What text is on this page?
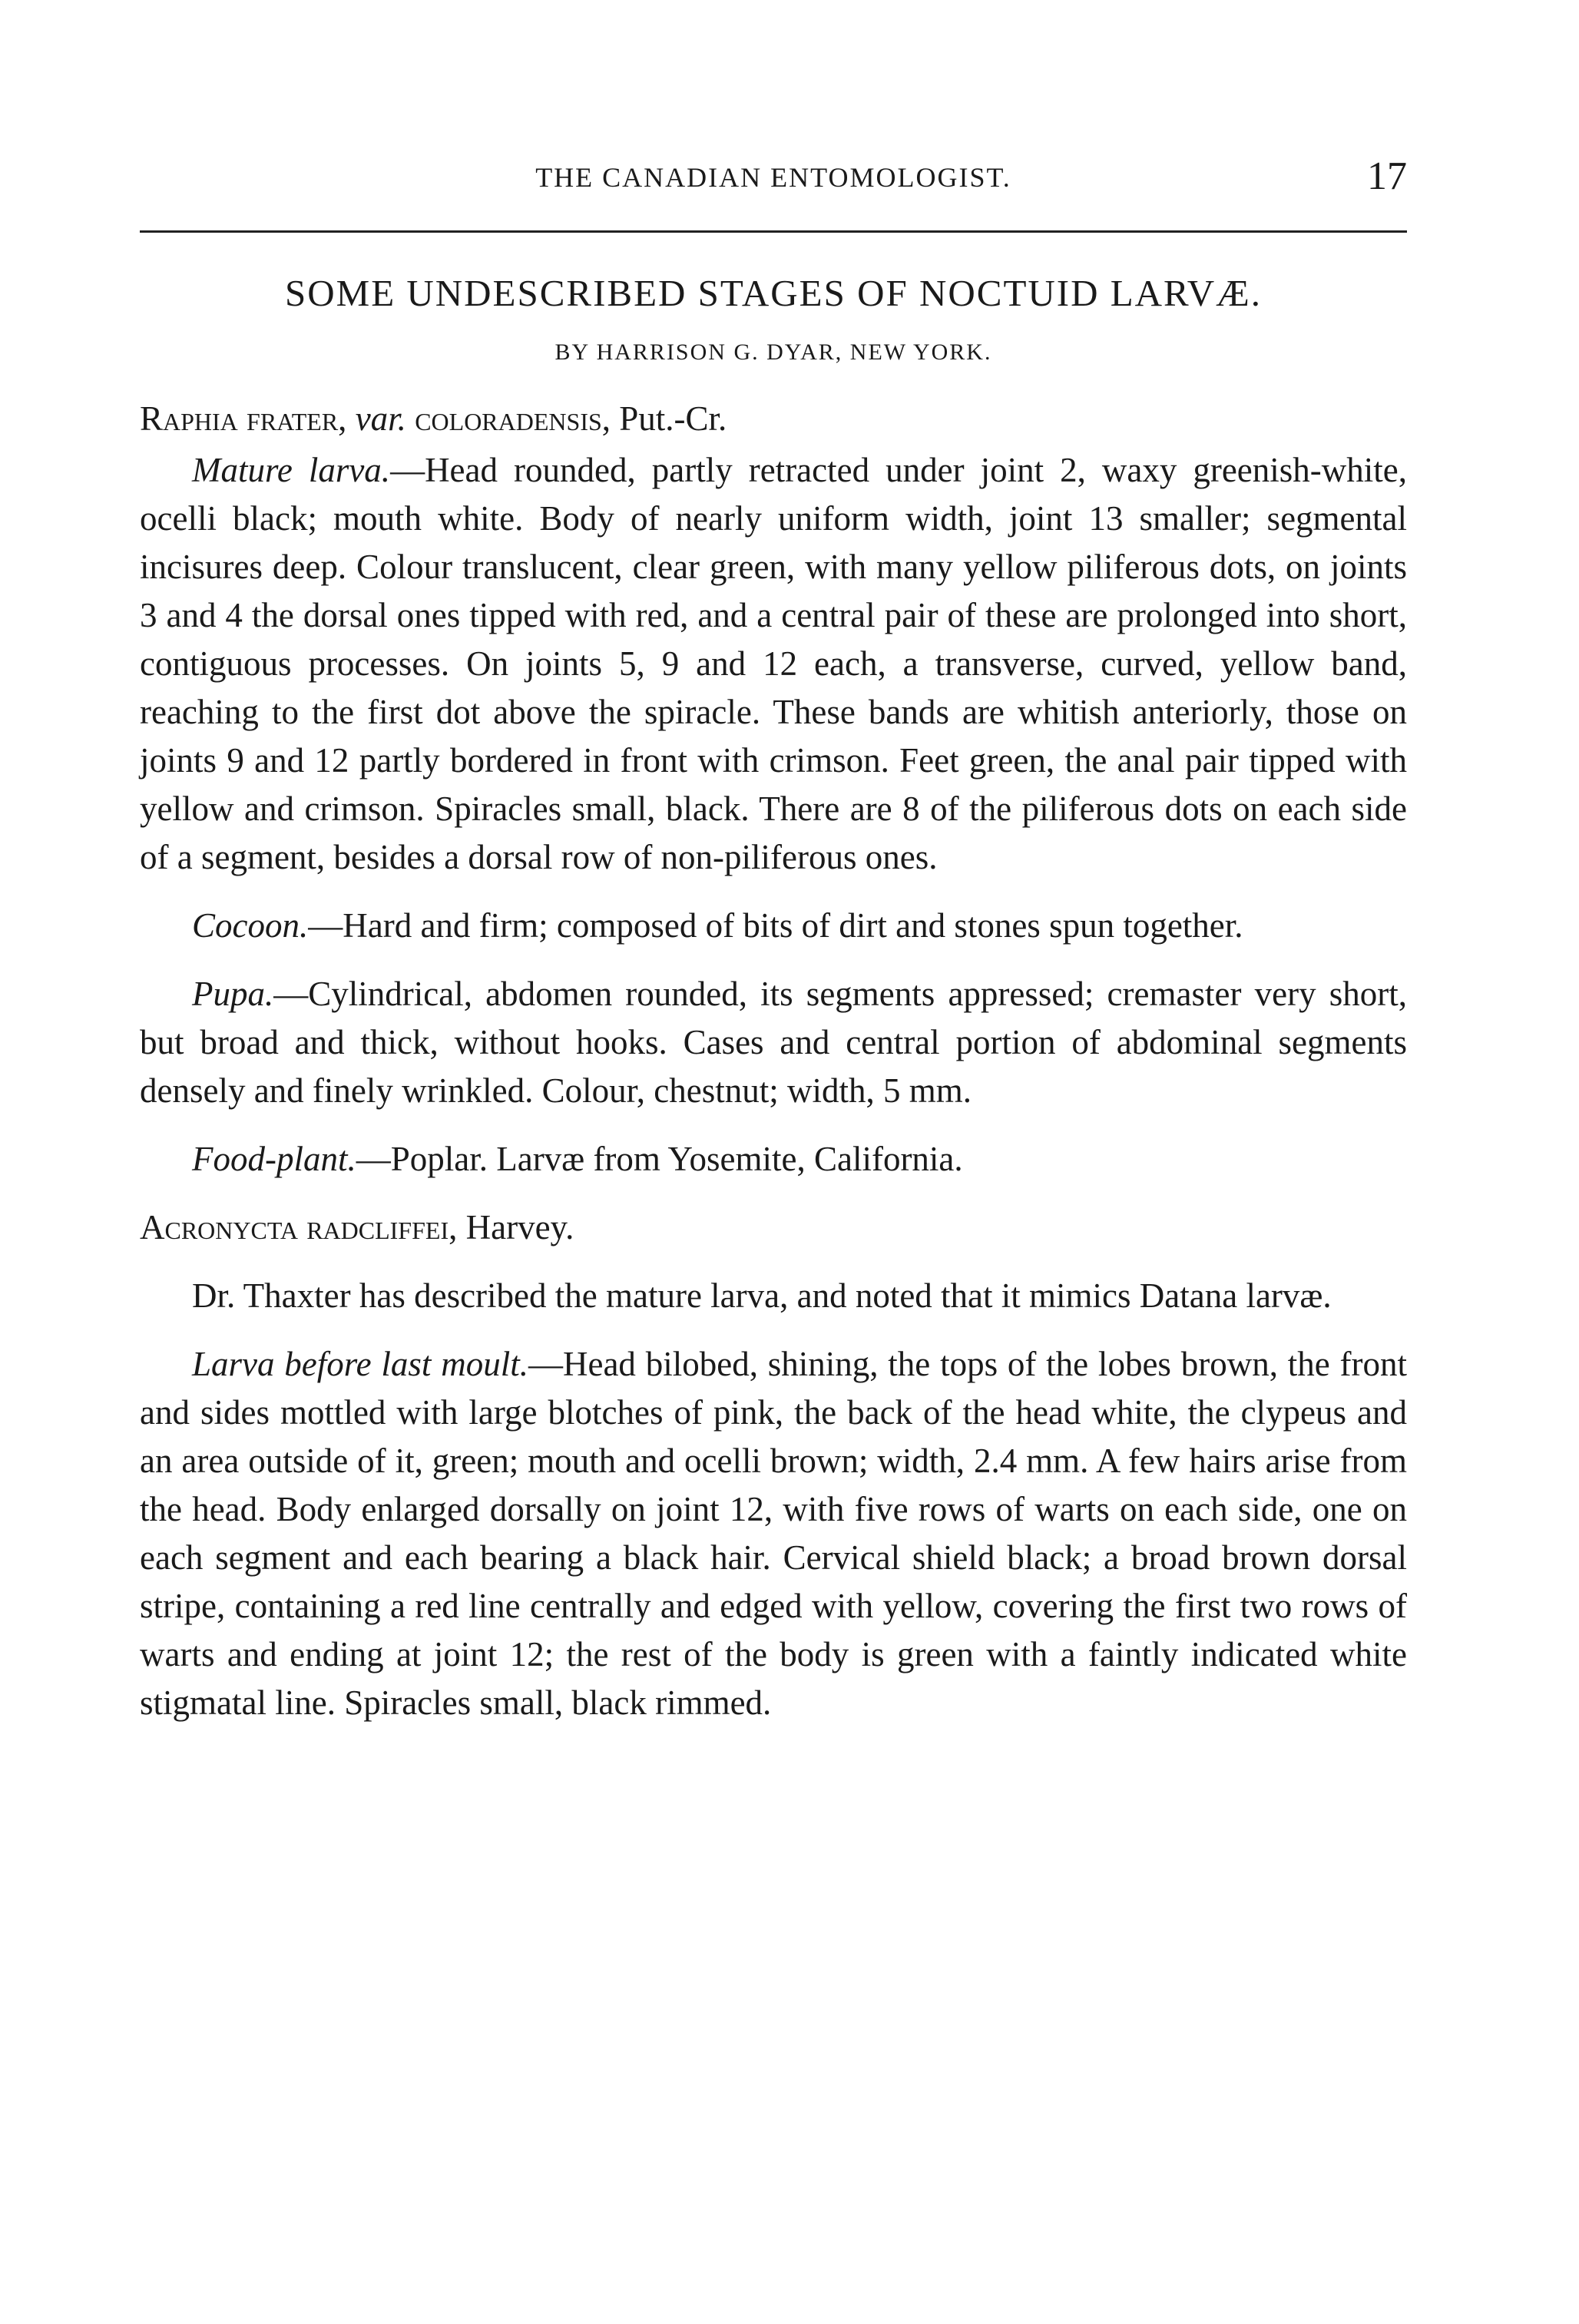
THE CANADIAN ENTOMOLOGIST.	17
SOME UNDESCRIBED STAGES OF NOCTUID LARVÆ.
BY HARRISON G. DYAR, NEW YORK.
Raphia frater, var. coloradensis, Put.-Cr.

Mature larva.—Head rounded, partly retracted under joint 2, waxy greenish-white, ocelli black; mouth white. Body of nearly uniform width, joint 13 smaller; segmental incisures deep. Colour translucent, clear green, with many yellow piliferous dots, on joints 3 and 4 the dorsal ones tipped with red, and a central pair of these are prolonged into short, contiguous processes. On joints 5, 9 and 12 each, a transverse, curved, yellow band, reaching to the first dot above the spiracle. These bands are whitish anteriorly, those on joints 9 and 12 partly bordered in front with crimson. Feet green, the anal pair tipped with yellow and crimson. Spiracles small, black. There are 8 of the piliferous dots on each side of a segment, besides a dorsal row of non-piliferous ones.

Cocoon.—Hard and firm; composed of bits of dirt and stones spun together.

Pupa.—Cylindrical, abdomen rounded, its segments appressed; cremaster very short, but broad and thick, without hooks. Cases and central portion of abdominal segments densely and finely wrinkled. Colour, chestnut; width, 5 mm.

Food-plant.—Poplar. Larvæ from Yosemite, California.

Acronycta radcliffei, Harvey.

Dr. Thaxter has described the mature larva, and noted that it mimics Datana larvæ.

Larva before last moult.—Head bilobed, shining, the tops of the lobes brown, the front and sides mottled with large blotches of pink, the back of the head white, the clypeus and an area outside of it, green; mouth and ocelli brown; width, 2.4 mm. A few hairs arise from the head. Body enlarged dorsally on joint 12, with five rows of warts on each side, one on each segment and each bearing a black hair. Cervical shield black; a broad brown dorsal stripe, containing a red line centrally and edged with yellow, covering the first two rows of warts and ending at joint 12; the rest of the body is green with a faintly indicated white stigmatal line. Spiracles small, black rimmed.
